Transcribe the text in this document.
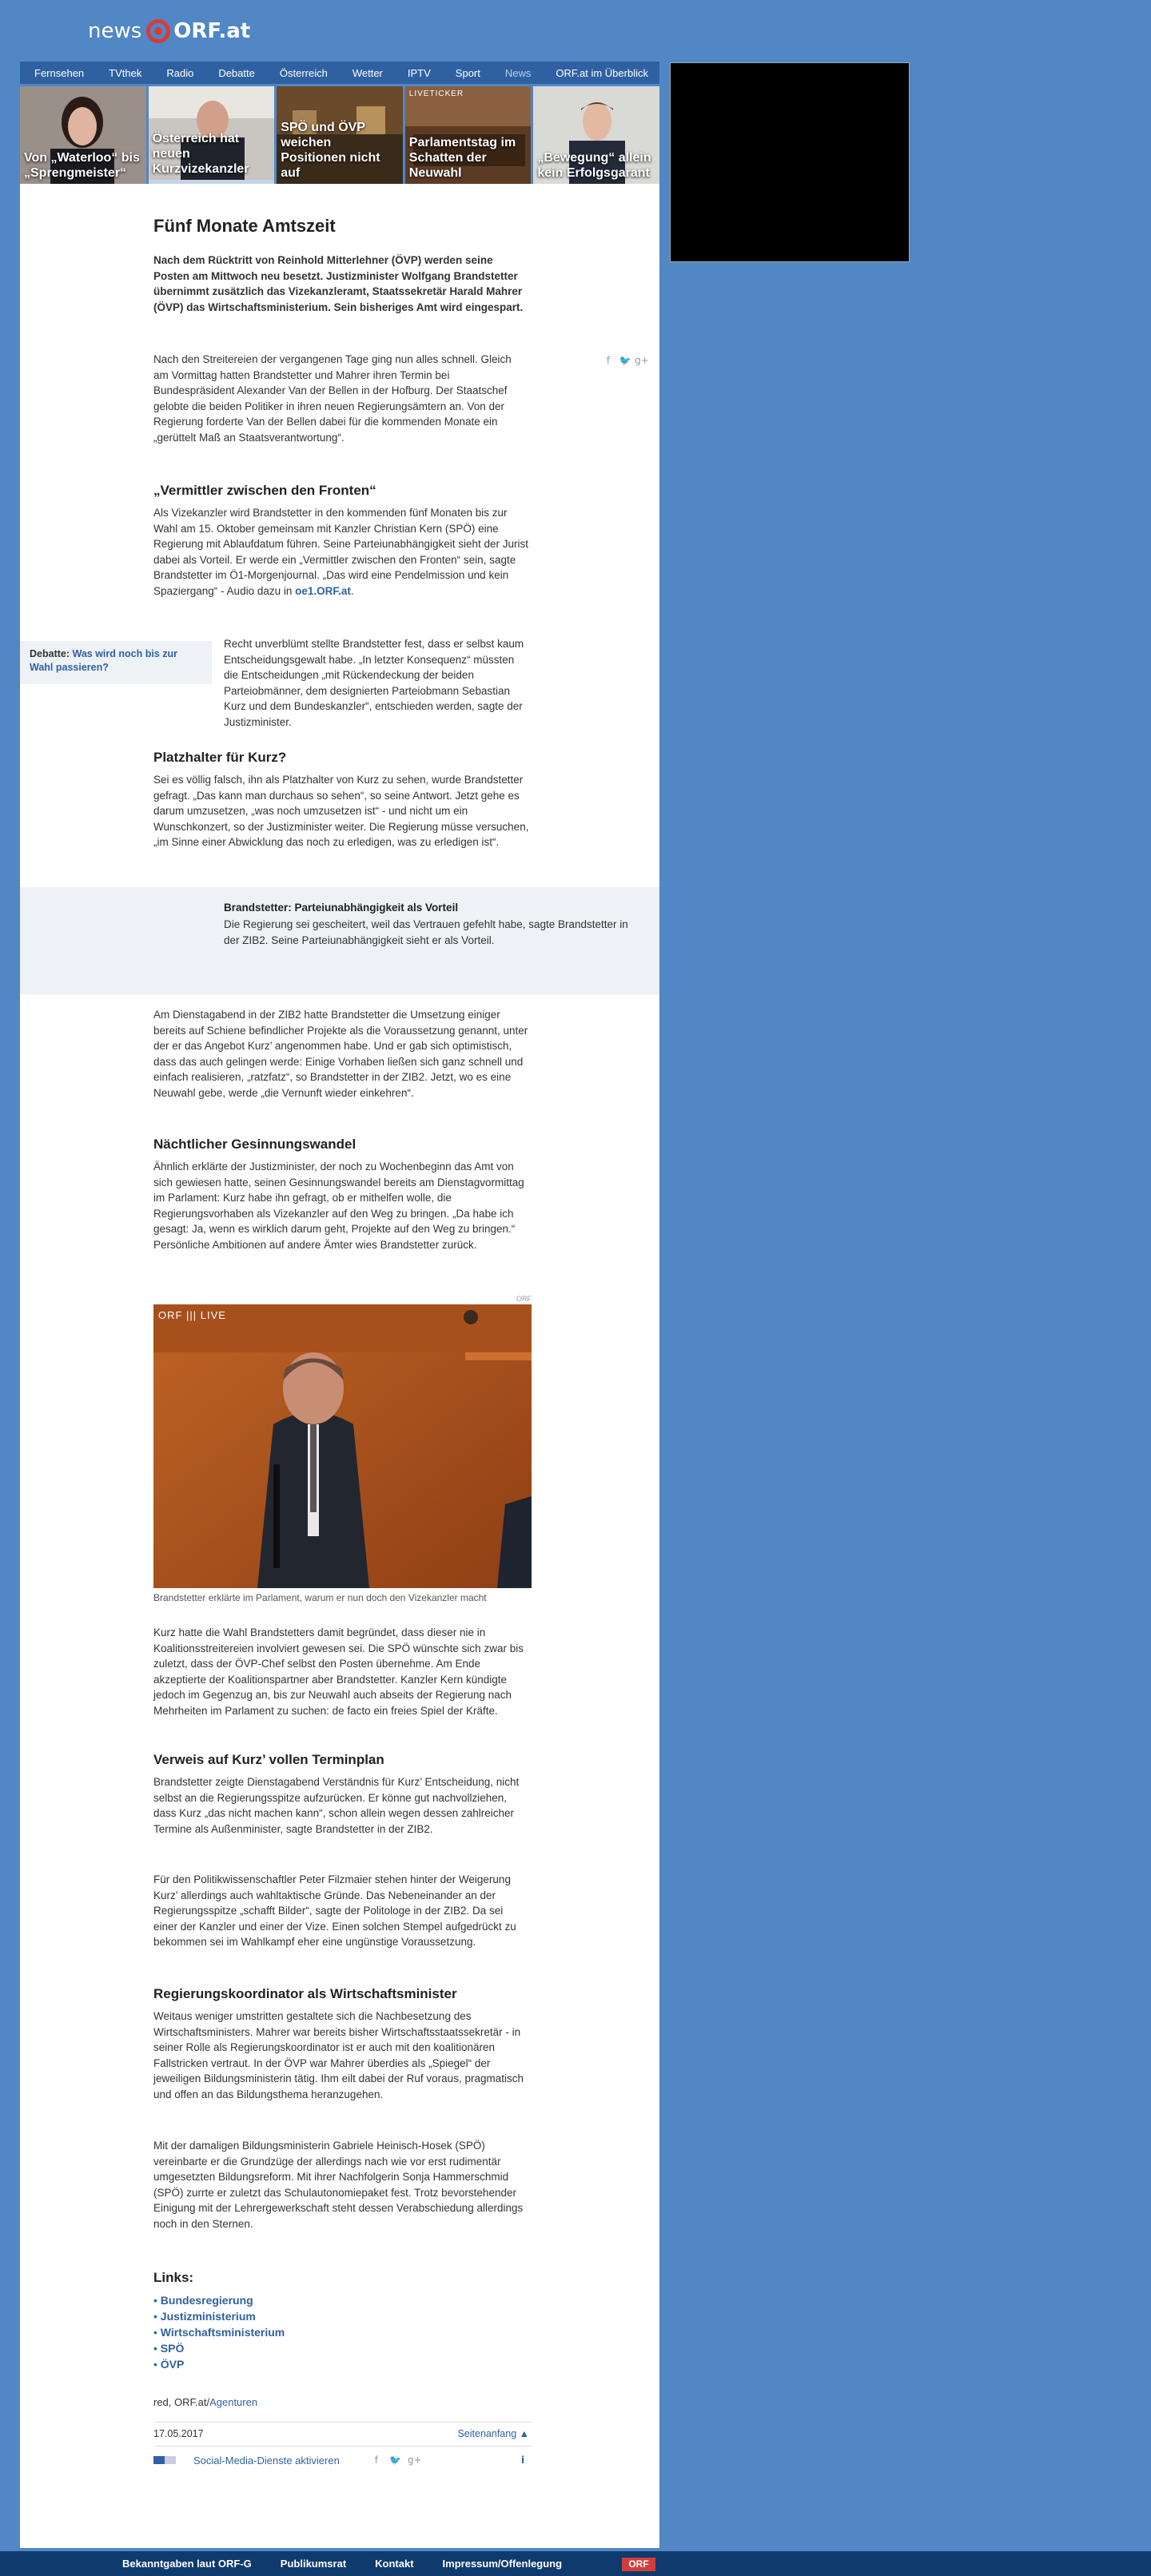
news ORF.at
Fernsehen TVthek Radio Debatte Österreich Wetter IPTV Sport News ORF.at im Überblick
Von „Waterloo“ bis „Sprengmeister“
Österreich hat neuen Kurzvizekanzler
SPÖ und ÖVP weichen Positionen nicht auf
LIVETICKER
Parlamentstag im Schatten der Neuwahl
„Bewegung“ allein kein Erfolgsgarant
Fünf Monate Amtszeit

Nach dem Rücktritt von Reinhold Mitterlehner (ÖVP) werden seine Posten am Mittwoch neu besetzt. Justizminister Wolfgang Brandstetter übernimmt zusätzlich das Vizekanzleramt, Staatssekretär Harald Mahrer (ÖVP) das Wirtschaftsministerium. Sein bisheriges Amt wird eingespart.

Nach den Streitereien der vergangenen Tage ging nun alles schnell. Gleich am Vormittag hatten Brandstetter und Mahrer ihren Termin bei Bundespräsident Alexander Van der Bellen in der Hofburg. Der Staatschef gelobte die beiden Politiker in ihren neuen Regierungsämtern an. Von der Regierung forderte Van der Bellen dabei für die kommenden Monate ein „gerüttelt Maß an Staatsverantwortung“.

f 🐦 g+
„Vermittler zwischen den Fronten“

Als Vizekanzler wird Brandstetter in den kommenden fünf Monaten bis zur Wahl am 15. Oktober gemeinsam mit Kanzler Christian Kern (SPÖ) eine Regierung mit Ablaufdatum führen. Seine Parteiunabhängigkeit sieht der Jurist dabei als Vorteil. Er werde ein „Vermittler zwischen den Fronten“ sein, sagte Brandstetter im Ö1-Morgenjournal. „Das wird eine Pendelmission und kein Spaziergang“ - Audio dazu in oe1.ORF.at.

Debatte: Was wird noch bis zur Wahl passieren?

Recht unverblümt stellte Brandstetter fest, dass er selbst kaum Entscheidungsgewalt habe. „In letzter Konsequenz“ müssten die Entscheidungen „mit Rückendeckung der beiden Parteiobmänner, dem designierten Parteiobmann Sebastian Kurz und dem Bundeskanzler“, entschieden werden, sagte der Justizminister.

Platzhalter für Kurz?

Sei es völlig falsch, ihn als Platzhalter von Kurz zu sehen, wurde Brandstetter gefragt. „Das kann man durchaus so sehen“, so seine Antwort. Jetzt gehe es darum umzusetzen, „was noch umzusetzen ist“ - und nicht um ein Wunschkonzert, so der Justizminister weiter. Die Regierung müsse versuchen, „im Sinne einer Abwicklung das noch zu erledigen, was zu erledigen ist“.

Brandstetter: Parteiunabhängigkeit als Vorteil

Die Regierung sei gescheitert, weil das Vertrauen gefehlt habe, sagte Brandstetter in der ZIB2. Seine Parteiunabhängigkeit sieht er als Vorteil.

Am Dienstagabend in der ZIB2 hatte Brandstetter die Umsetzung einiger bereits auf Schiene befindlicher Projekte als die Voraussetzung genannt, unter der er das Angebot Kurz’ angenommen habe. Und er gab sich optimistisch, dass das auch gelingen werde: Einige Vorhaben ließen sich ganz schnell und einfach realisieren, „ratzfatz“, so Brandstetter in der ZIB2. Jetzt, wo es eine Neuwahl gebe, werde „die Vernunft wieder einkehren“.

Nächtlicher Gesinnungswandel

Ähnlich erklärte der Justizminister, der noch zu Wochenbeginn das Amt von sich gewiesen hatte, seinen Gesinnungswandel bereits am Dienstagvormittag im Parlament: Kurz habe ihn gefragt, ob er mithelfen wolle, die Regierungsvorhaben als Vizekanzler auf den Weg zu bringen. „Da habe ich gesagt: Ja, wenn es wirklich darum geht, Projekte auf den Weg zu bringen.“ Persönliche Ambitionen auf andere Ämter wies Brandstetter zurück.

ORF
ORF ||| LIVE
Brandstetter erklärte im Parlament, warum er nun doch den Vizekanzler macht

Kurz hatte die Wahl Brandstetters damit begründet, dass dieser nie in Koalitionsstreitereien involviert gewesen sei. Die SPÖ wünschte sich zwar bis zuletzt, dass der ÖVP-Chef selbst den Posten übernehme. Am Ende akzeptierte der Koalitionspartner aber Brandstetter. Kanzler Kern kündigte jedoch im Gegenzug an, bis zur Neuwahl auch abseits der Regierung nach Mehrheiten im Parlament zu suchen: de facto ein freies Spiel der Kräfte.

Verweis auf Kurz’ vollen Terminplan

Brandstetter zeigte Dienstagabend Verständnis für Kurz’ Entscheidung, nicht selbst an die Regierungsspitze aufzurücken. Er könne gut nachvollziehen, dass Kurz „das nicht machen kann“, schon allein wegen dessen zahlreicher Termine als Außenminister, sagte Brandstetter in der ZIB2.

Für den Politikwissenschaftler Peter Filzmaier stehen hinter der Weigerung Kurz’ allerdings auch wahltaktische Gründe. Das Nebeneinander an der Regierungsspitze „schafft Bilder“, sagte der Politologe in der ZIB2. Da sei einer der Kanzler und einer der Vize. Einen solchen Stempel aufgedrückt zu bekommen sei im Wahlkampf eher eine ungünstige Voraussetzung.

Regierungskoordinator als Wirtschaftsminister

Weitaus weniger umstritten gestaltete sich die Nachbesetzung des Wirtschaftsministers. Mahrer war bereits bisher Wirtschaftsstaatssekretär - in seiner Rolle als Regierungskoordinator ist er auch mit den koalitionären Fallstricken vertraut. In der ÖVP war Mahrer überdies als „Spiegel“ der jeweiligen Bildungsministerin tätig. Ihm eilt dabei der Ruf voraus, pragmatisch und offen an das Bildungsthema heranzugehen.

Mit der damaligen Bildungsministerin Gabriele Heinisch-Hosek (SPÖ) vereinbarte er die Grundzüge der allerdings nach wie vor erst rudimentär umgesetzten Bildungsreform. Mit ihrer Nachfolgerin Sonja Hammerschmid (SPÖ) zurrte er zuletzt das Schulautonomiepaket fest. Trotz bevorstehender Einigung mit der Lehrergewerkschaft steht dessen Verabschiedung allerdings noch in den Sternen.

Links:
• Bundesregierung
• Justizministerium
• Wirtschaftsministerium
• SPÖ
• ÖVP

red, ORF.at/Agenturen

17.05.2017	Seitenanfang ▲
Social-Media-Dienste aktivieren	f	🐦 g+	i
Bekanntgaben laut ORF-G	Publikumsrat	Kontakt	Impressum/Offenlegung	ORF
